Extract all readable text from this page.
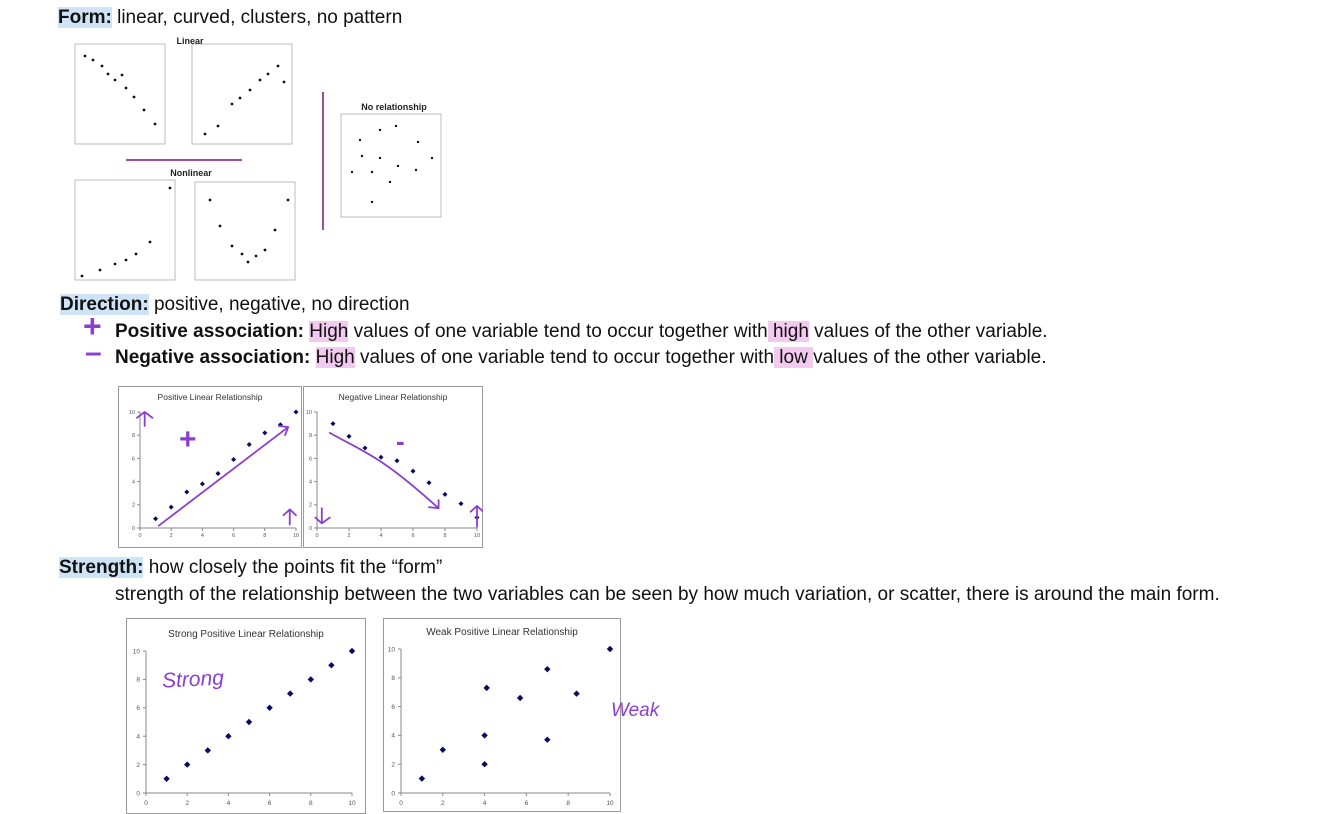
Form: linear, curved, clusters, no pattern
Linear
Nonlinear
No relationship
0
Direction: positive, negative, no direction
+ Positive association: High values of one variable tend to occur together with high values of the other variable.
– Negative association: High values of one variable tend to occur together with low values of the other variable.
Positive Linear Relationship
0	2	4	6	8	10
0
2
4
6
8
10
Negative Linear Relationship
0	2	4	6	8	10
0
2
4
6
8
10
Strength: how closely the points fit the “form”
strength of the relationship between the two variables can be seen by how much variation, or scatter, there is around the main form.
Strong Positive Linear Relationship
0	2	4	6	8	10
0
2
4
6
8
10
Weak Positive Linear Relationship
0	2	4	6	8	10
0
2
4
6
8
10
+	-
Strong
Weak
